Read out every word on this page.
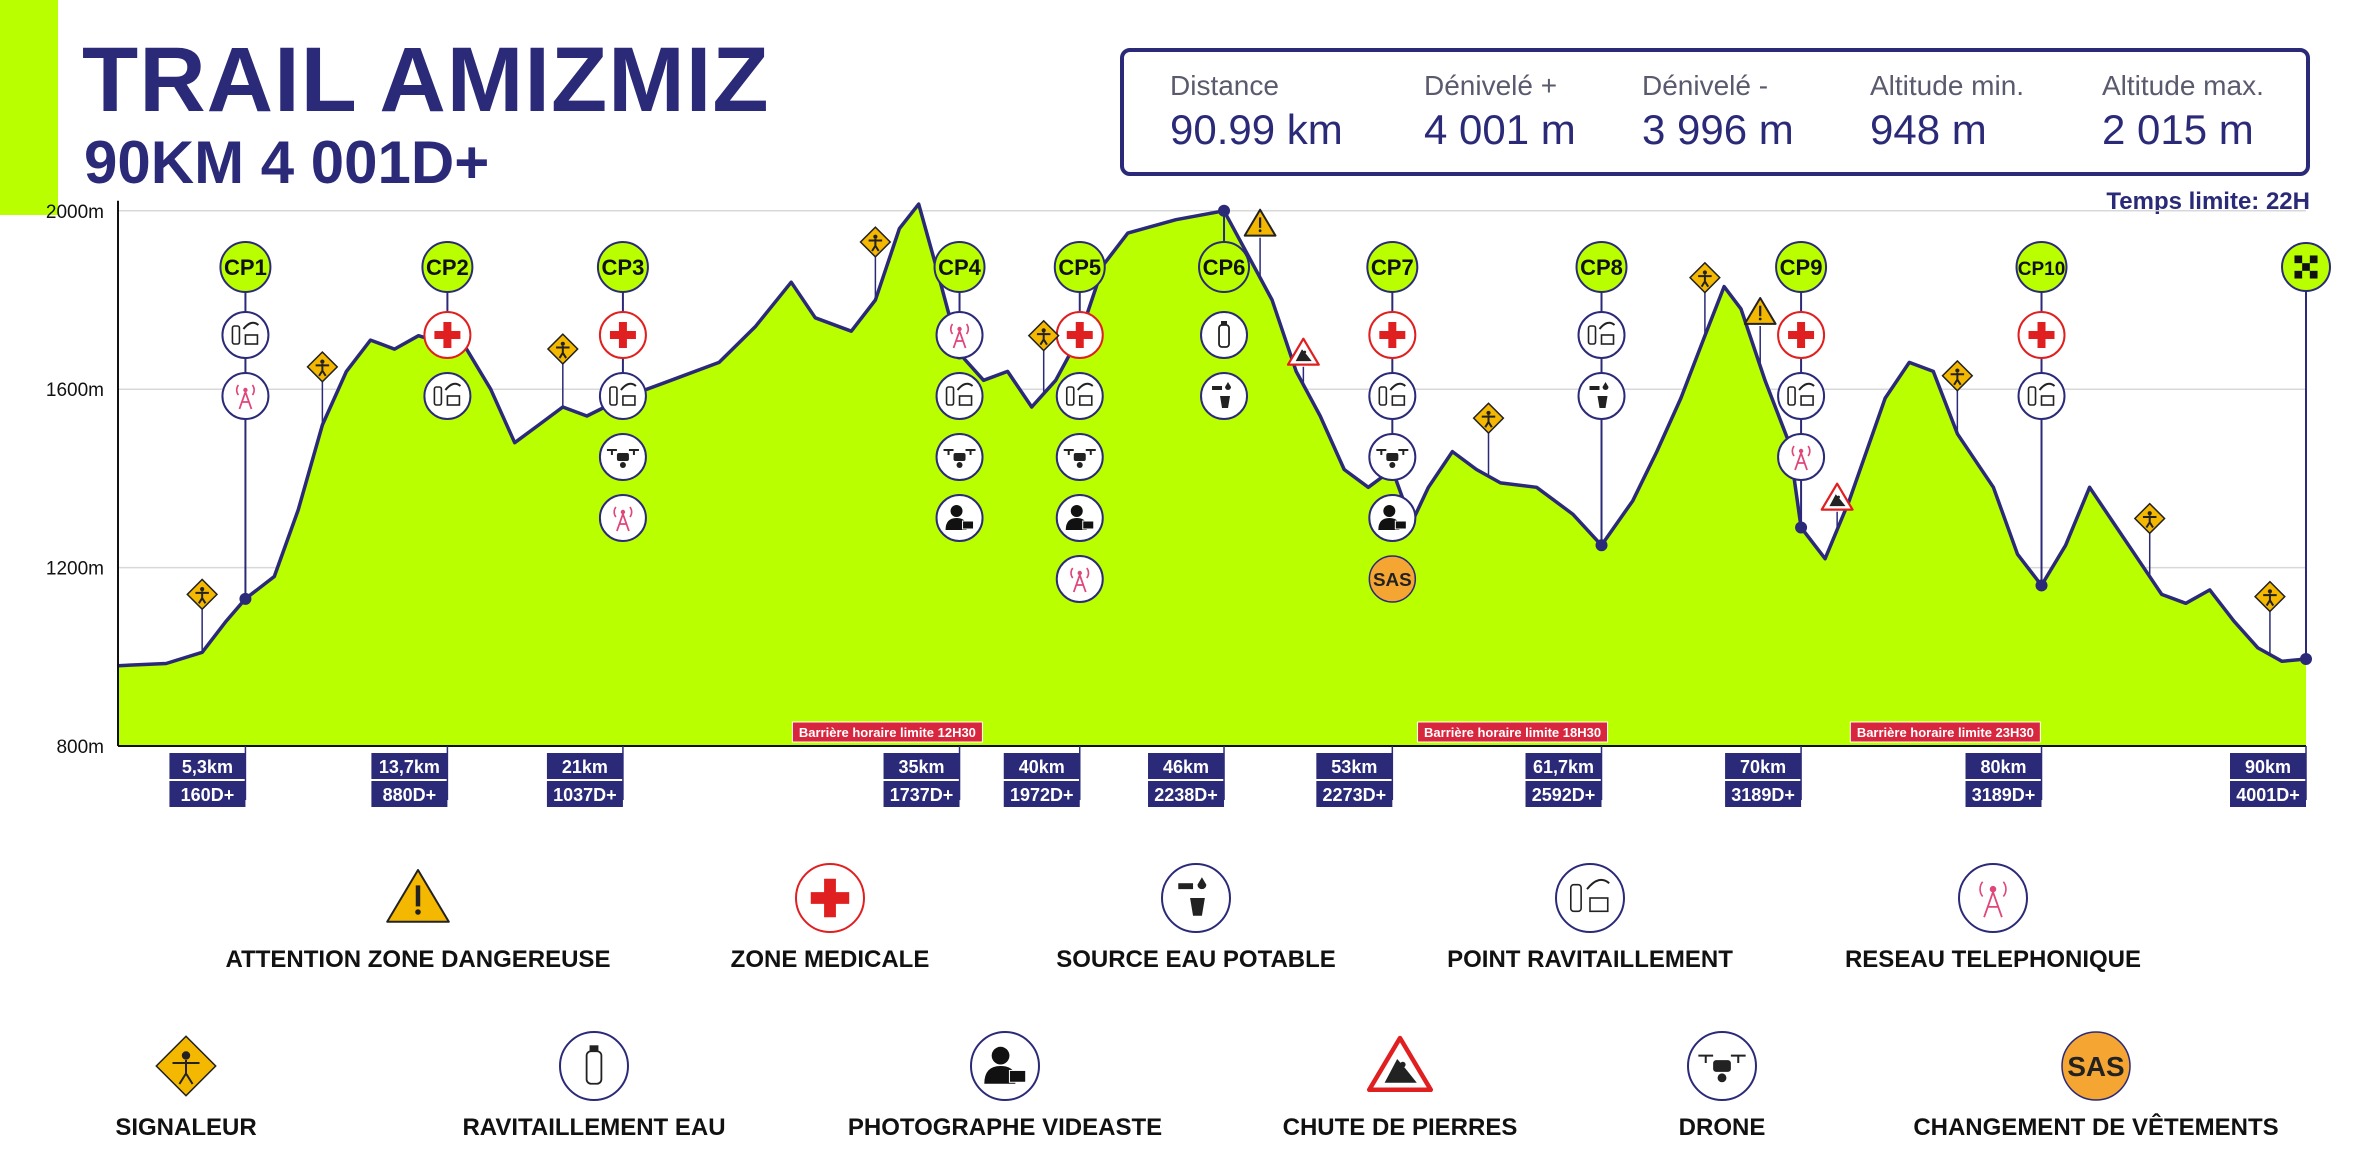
TRAIL AMIZMIZ
90KM 4 001D+
Distance
90.99 km
Dénivelé +
4 001 m
Dénivelé -
3 996 m
Altitude min.
948 m
Altitude max.
2 015 m
Temps limite: 22H
2000m
1600m
1200m
800m
CP1
5,3km
160D+
CP2
13,7km
880D+
CP3
21km
1037D+
CP4
35km
1737D+
CP5
40km
1972D+
CP6
46km
2238D+
CP7
SAS
53km
2273D+
CP8
61,7km
2592D+
CP9
70km
3189D+
CP10
80km
3189D+
90km
4001D+
Barrière horaire limite 12H30	Barrière horaire limite 18H30	Barrière horaire limite 23H30
ATTENTION ZONE DANGEREUSE	ZONE MEDICALE	SOURCE EAU POTABLE	POINT RAVITAILLEMENT	RESEAU TELEPHONIQUE
SIGNALEUR	RAVITAILLEMENT EAU	PHOTOGRAPHE VIDEASTE	CHUTE DE PIERRES	DRONE	CHANGEMENT DE VÊTEMENTS
SAS
